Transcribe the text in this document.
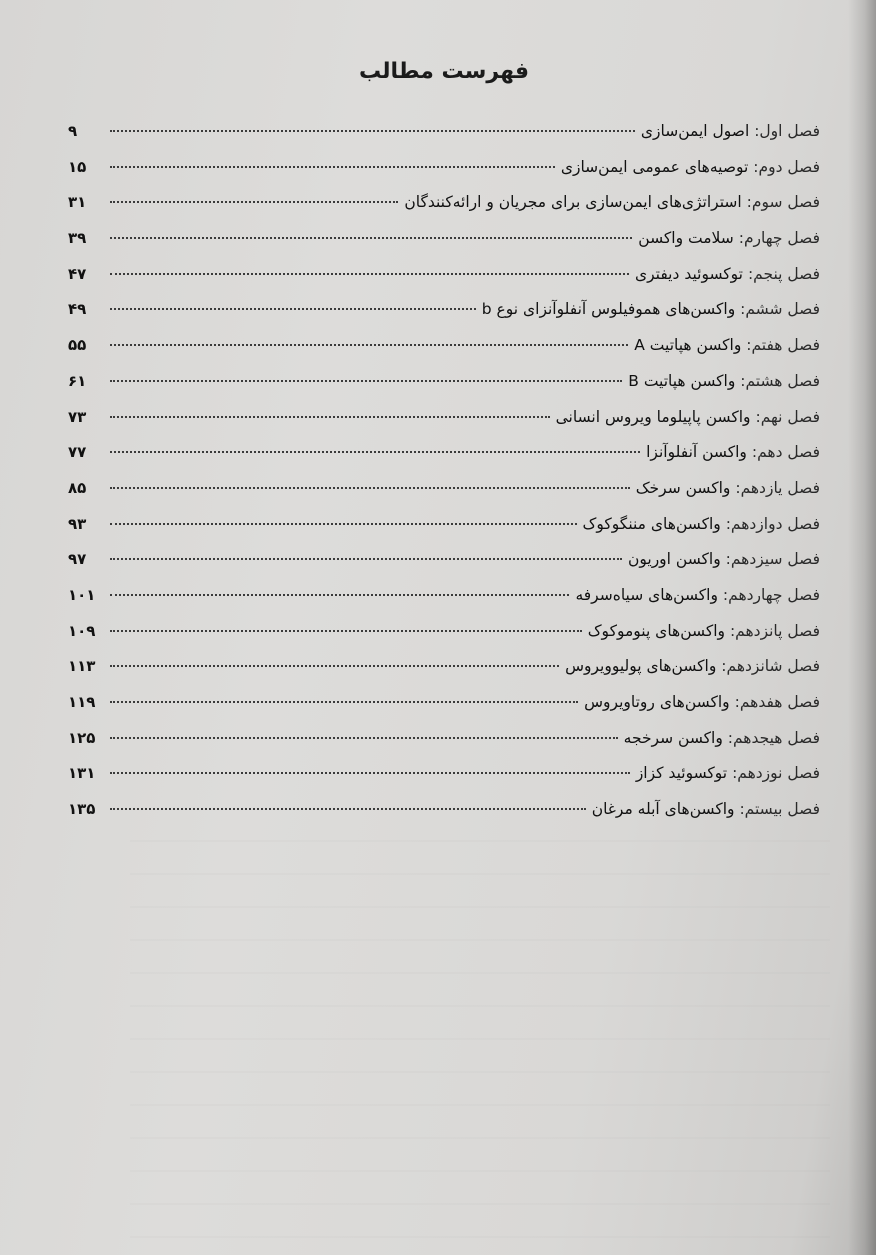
فهرست مطالب
فصل اول: اصول ایمن‌سازی
۹
فصل دوم: توصیه‌های عمومی ایمن‌سازی
۱۵
فصل سوم: استراتژی‌های ایمن‌سازی برای مجریان و ارائه‌کنندگان
۳۱
فصل چهارم: سلامت واکسن
۳۹
فصل پنجم: توکسوئید دیفتری
۴۷
فصل ششم: واکسن‌های هموفیلوس آنفلوآنزای نوع b
۴۹
فصل هفتم: واکسن هپاتیت A
۵۵
فصل هشتم: واکسن هپاتیت B
۶۱
فصل نهم: واکسن پاپیلوما ویروس انسانی
۷۳
فصل دهم: واکسن آنفلوآنزا
۷۷
فصل یازدهم: واکسن سرخک
۸۵
فصل دوازدهم: واکسن‌های مننگوکوک
۹۳
فصل سیزدهم: واکسن اوریون
۹۷
فصل چهاردهم: واکسن‌های سیاه‌سرفه
۱۰۱
فصل پانزدهم: واکسن‌های پنوموکوک
۱۰۹
فصل شانزدهم: واکسن‌های پولیوویروس
۱۱۳
فصل هفدهم: واکسن‌های روتاویروس
۱۱۹
فصل هیجدهم: واکسن سرخجه
۱۲۵
فصل نوزدهم: توکسوئید کزاز
۱۳۱
فصل بیستم: واکسن‌های آبله مرغان
۱۳۵
